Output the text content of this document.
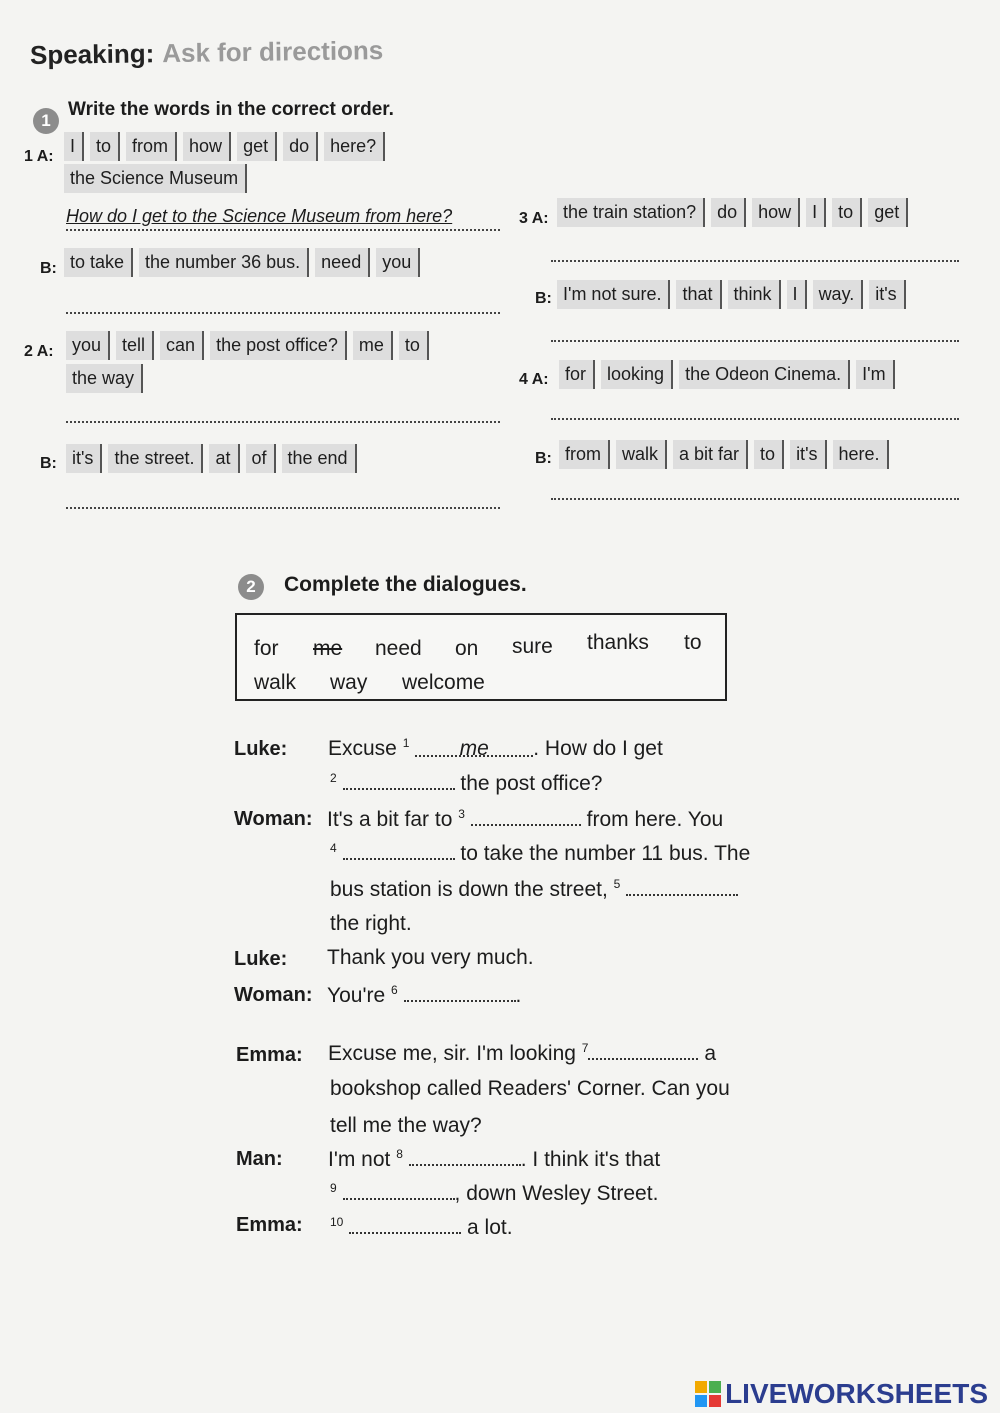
Speaking: Ask for directions
1
Write the words in the correct order.
1 A:
I	to	from	how	get	do	here?
the Science Museum
How do I get to the Science Museum from here?
B: to take	the number 36 bus.	need	you
2 A:	you	tell	can	the post office?	me	to
the way
B: it's	the street.	at	of	the end
3 A: the train station?	do	how	I	to	get
B: I'm not sure.	that	think	I	way.	it's
4 A: for	looking	the Odeon Cinema.	I'm
B: from	walk	a bit far	to	it's	here.
2	Complete the dialogues.
for me need on sure thanks to
walk way welcome
Luke: Excuse $^1$ me . How do I get
$^2$	the post office?
Woman: It's a bit far to $^3$	from here. You
$^4$	to take the number 11 bus. The
bus station is down the street, $^5$
the right.
Luke: Thank you very much.
Woman: You're $^6$	.
Emma: Excuse me, sir. I'm looking $^7$	a
bookshop called Readers' Corner. Can you
tell me the way?
Man: I'm not $^8$	. I think it's that
$^9$	, down Wesley Street.
Emma: $^{10}$	a lot.
LIVEWORKSHEETS
